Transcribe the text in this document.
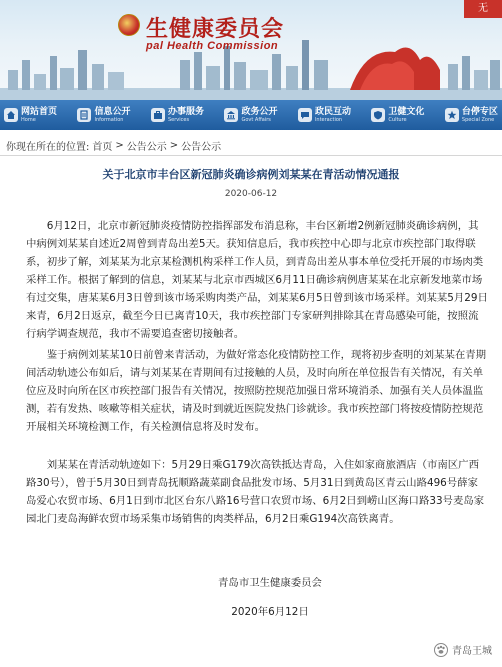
生健康委员会
pal Health Commission
无
网站首页
Home
信息公开
Information
办事服务
Services
政务公开
Govt Affairs
政民互动
Interaction
卫健文化
Culture
台停专区
Special Zone
你现在所在的位置: 首页 > 公告公示 > 公告公示
关于北京市丰台区新冠肺炎确诊病例刘某某在青活动情况通报
2020-06-12

6月12日，北京市新冠肺炎疫情防控指挥部发布消息称，丰台区新增2例新冠肺炎确诊病例，其中病例刘某某自述近2周曾到青岛出差5天。获知信息后，我市疾控中心即与北京市疾控部门取得联系，初步了解，刘某某为北京某检测机构采样工作人员，到青岛出差从事本单位受托开展的市场肉类采样工作。根据了解到的信息，刘某某与北京市西城区6月11日确诊病例唐某某在北京新发地菜市场有过交集，唐某某6月3日曾到该市场采购肉类产品，刘某某6月5日曾到该市场采样。刘某某5月29日来青，6月2日返京，截至今日已离青10天，我市疾控部门专家研判排除其在青岛感染可能，按照流行病学调查规范，我市不需要追查密切接触者。

鉴于病例刘某某10日前曾来青活动，为做好常态化疫情防控工作，现将初步查明的刘某某在青期间活动轨迹公布如后，请与刘某某在青期间有过接触的人员，及时向所在单位报告有关情况，有关单位应及时向所在区市疾控部门报告有关情况，按照防控规范加强日常环境消杀、加强有关人员体温监测，若有发热、咳嗽等相关症状，请及时到就近医院发热门诊就诊。我市疾控部门将按疫情防控规范开展相关环境检测工作，有关检测信息将及时发布。

刘某某在青活动轨迹如下：5月29日乘G179次高铁抵达青岛，入住如家商旅酒店（市南区广西路30号），曾于5月30日到青岛抚顺路蔬菜副食品批发市场、5月31日到黄岛区青云山路496号薛家岛爱心农贸市场、6月1日到市北区台东八路16号营口农贸市场、6月2日到崂山区海口路33号麦岛家园北门麦岛海鲜农贸市场采集市场销售的肉类样品，6月2日乘G194次高铁离青。

青岛市卫生健康委员会
2020年6月12日
青岛王城
